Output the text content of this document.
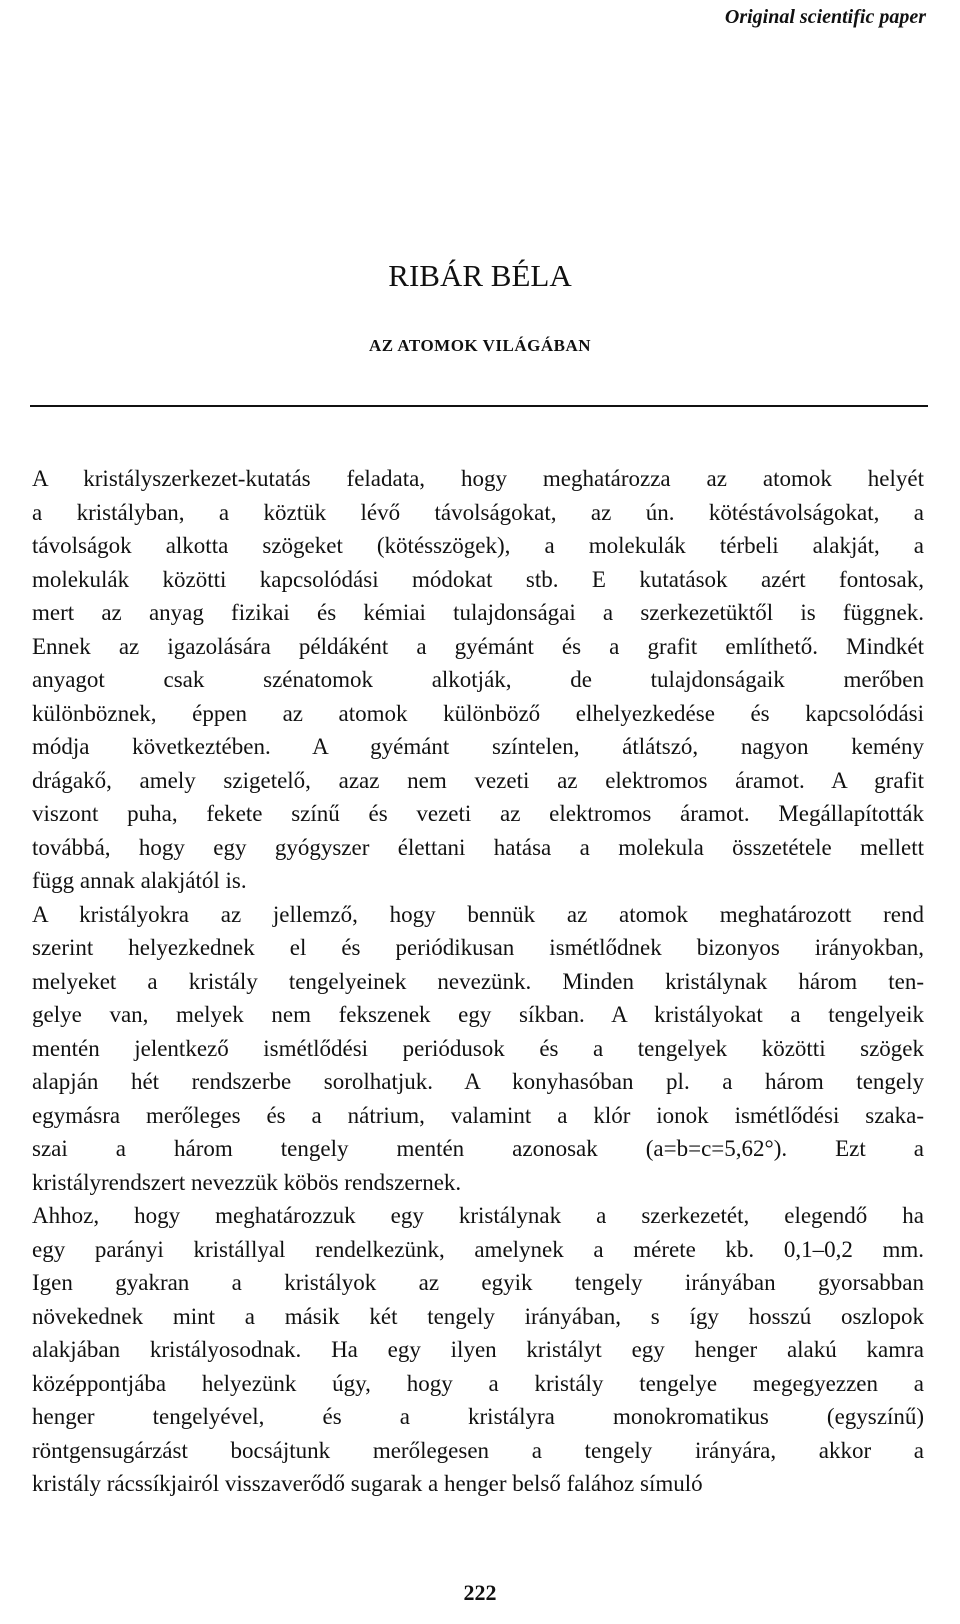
Original scientific paper
RIBÁR BÉLA
AZ ATOMOK VILÁGÁBAN
A kristályszerkezet-kutatás feladata, hogy meghatározza az atomok helyét
a kristályban, a köztük lévő távolságokat, az ún. kötéstávolságokat, a
távolságok alkotta szögeket (kötésszögek), a molekulák térbeli alakját, a
molekulák közötti kapcsolódási módokat stb. E kutatások azért fontosak,
mert az anyag fizikai és kémiai tulajdonságai a szerkezetüktől is függnek.
Ennek az igazolására példáként a gyémánt és a grafit említhető. Mindkét
anyagot csak szénatomok alkotják, de tulajdonságaik merőben
különböznek, éppen az atomok különböző elhelyezkedése és kapcsolódási
módja következtében. A gyémánt színtelen, átlátszó, nagyon kemény
drágakő, amely szigetelő, azaz nem vezeti az elektromos áramot. A grafit
viszont puha, fekete színű és vezeti az elektromos áramot. Megállapították
továbbá, hogy egy gyógyszer élettani hatása a molekula összetétele mellett
függ annak alakjától is.
A kristályokra az jellemző, hogy bennük az atomok meghatározott rend
szerint helyezkednek el és periódikusan ismétlődnek bizonyos irányokban,
melyeket a kristály tengelyeinek nevezünk. Minden kristálynak három ten-
gelye van, melyek nem fekszenek egy síkban. A kristályokat a tengelyeik
mentén jelentkező ismétlődési periódusok és a tengelyek közötti szögek
alapján hét rendszerbe sorolhatjuk. A konyhasóban pl. a három tengely
egymásra merőleges és a nátrium, valamint a klór ionok ismétlődési szaka-
szai a három tengely mentén azonosak (a=b=c=5,62°). Ezt a
kristályrendszert nevezzük köbös rendszernek.
Ahhoz, hogy meghatározzuk egy kristálynak a szerkezetét, elegendő ha
egy parányi kristállyal rendelkezünk, amelynek a mérete kb. 0,1–0,2 mm.
Igen gyakran a kristályok az egyik tengely irányában gyorsabban
növekednek mint a másik két tengely irányában, s így hosszú oszlopok
alakjában kristályosodnak. Ha egy ilyen kristályt egy henger alakú kamra
középpontjába helyezünk úgy, hogy a kristály tengelye megegyezzen a
henger tengelyével, és a kristályra monokromatikus (egyszínű)
röntgensugárzást bocsájtunk merőlegesen a tengely irányára, akkor a
kristály rácssíkjairól visszaverődő sugarak a henger belső falához símuló
222
